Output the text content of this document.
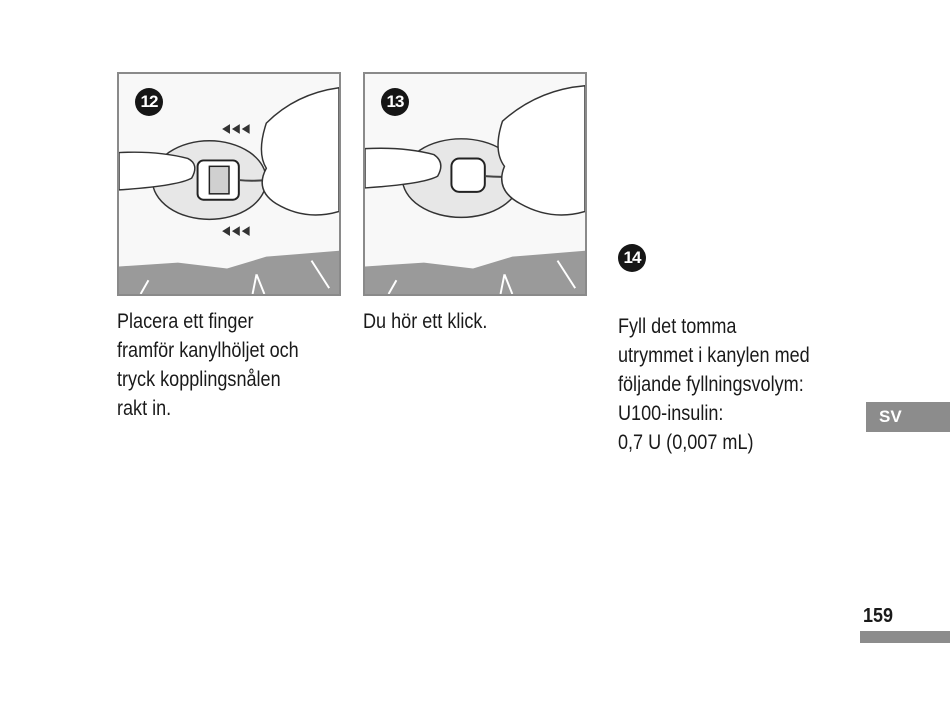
12	13
Placera ett finger
framför kanylhöljet och
tryck kopplingsnålen
rakt in.
Du hör ett klick.
14
Fyll det tomma
utrymmet i kanylen med
följande fyllningsvolym:
U100-insulin:
0,7 U (0,007 mL)
SV
159
